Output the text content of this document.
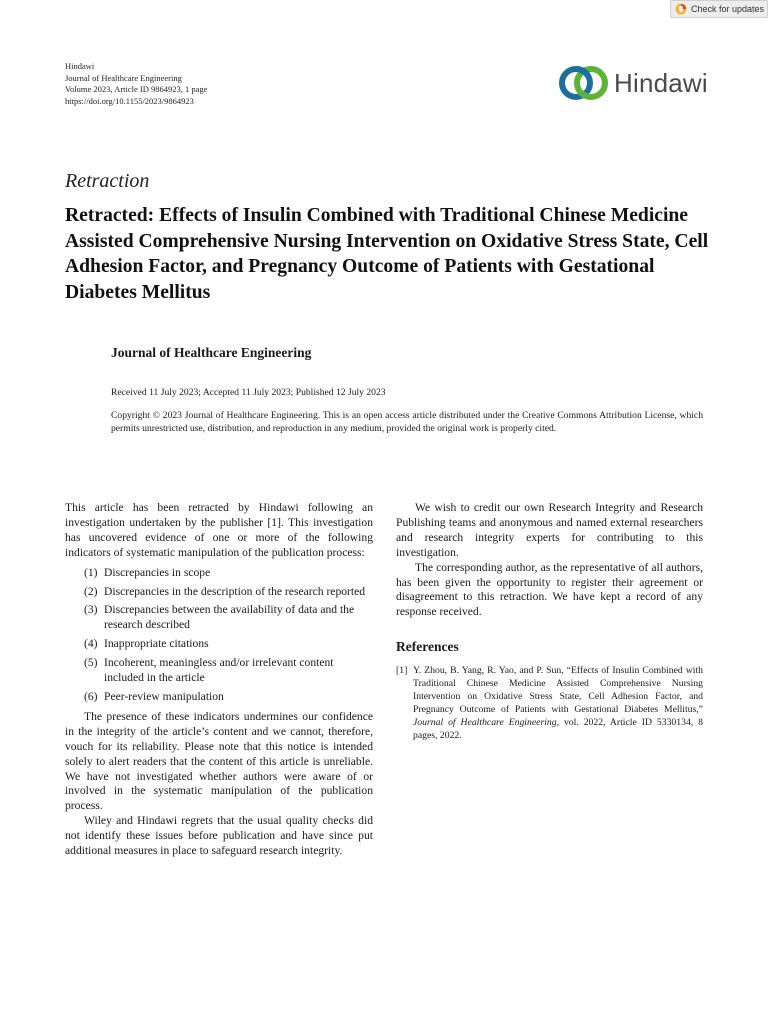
Check for updates
Hindawi
Journal of Healthcare Engineering
Volume 2023, Article ID 9864923, 1 page
https://doi.org/10.1155/2023/9864923
Hindawi
Retraction
Retracted: Effects of Insulin Combined with Traditional Chinese Medicine Assisted Comprehensive Nursing Intervention on Oxidative Stress State, Cell Adhesion Factor, and Pregnancy Outcome of Patients with Gestational Diabetes Mellitus
Journal of Healthcare Engineering
Received 11 July 2023; Accepted 11 July 2023; Published 12 July 2023
Copyright © 2023 Journal of Healthcare Engineering. This is an open access article distributed under the Creative Commons Attribution License, which permits unrestricted use, distribution, and reproduction in any medium, provided the original work is properly cited.

This article has been retracted by Hindawi following an investigation undertaken by the publisher [1]. This investigation has uncovered evidence of one or more of the following indicators of systematic manipulation of the publication process:

(1) Discrepancies in scope
(2) Discrepancies in the description of the research reported
(3) Discrepancies between the availability of data and the research described
(4) Inappropriate citations
(5) Incoherent, meaningless and/or irrelevant content included in the article
(6) Peer-review manipulation

The presence of these indicators undermines our confidence in the integrity of the article’s content and we cannot, therefore, vouch for its reliability. Please note that this notice is intended solely to alert readers that the content of this article is unreliable. We have not investigated whether authors were aware of or involved in the systematic manipulation of the publication process.

Wiley and Hindawi regrets that the usual quality checks did not identify these issues before publication and have since put additional measures in place to safeguard research integrity.

We wish to credit our own Research Integrity and Research Publishing teams and anonymous and named external researchers and research integrity experts for contributing to this investigation.

The corresponding author, as the representative of all authors, has been given the opportunity to register their agreement or disagreement to this retraction. We have kept a record of any response received.

References
[1] Y. Zhou, B. Yang, R. Yao, and P. Sun, “Effects of Insulin Combined with Traditional Chinese Medicine Assisted Comprehensive Nursing Intervention on Oxidative Stress State, Cell Adhesion Factor, and Pregnancy Outcome of Patients with Gestational Diabetes Mellitus,” Journal of Healthcare Engineering, vol. 2022, Article ID 5330134, 8 pages, 2022.
